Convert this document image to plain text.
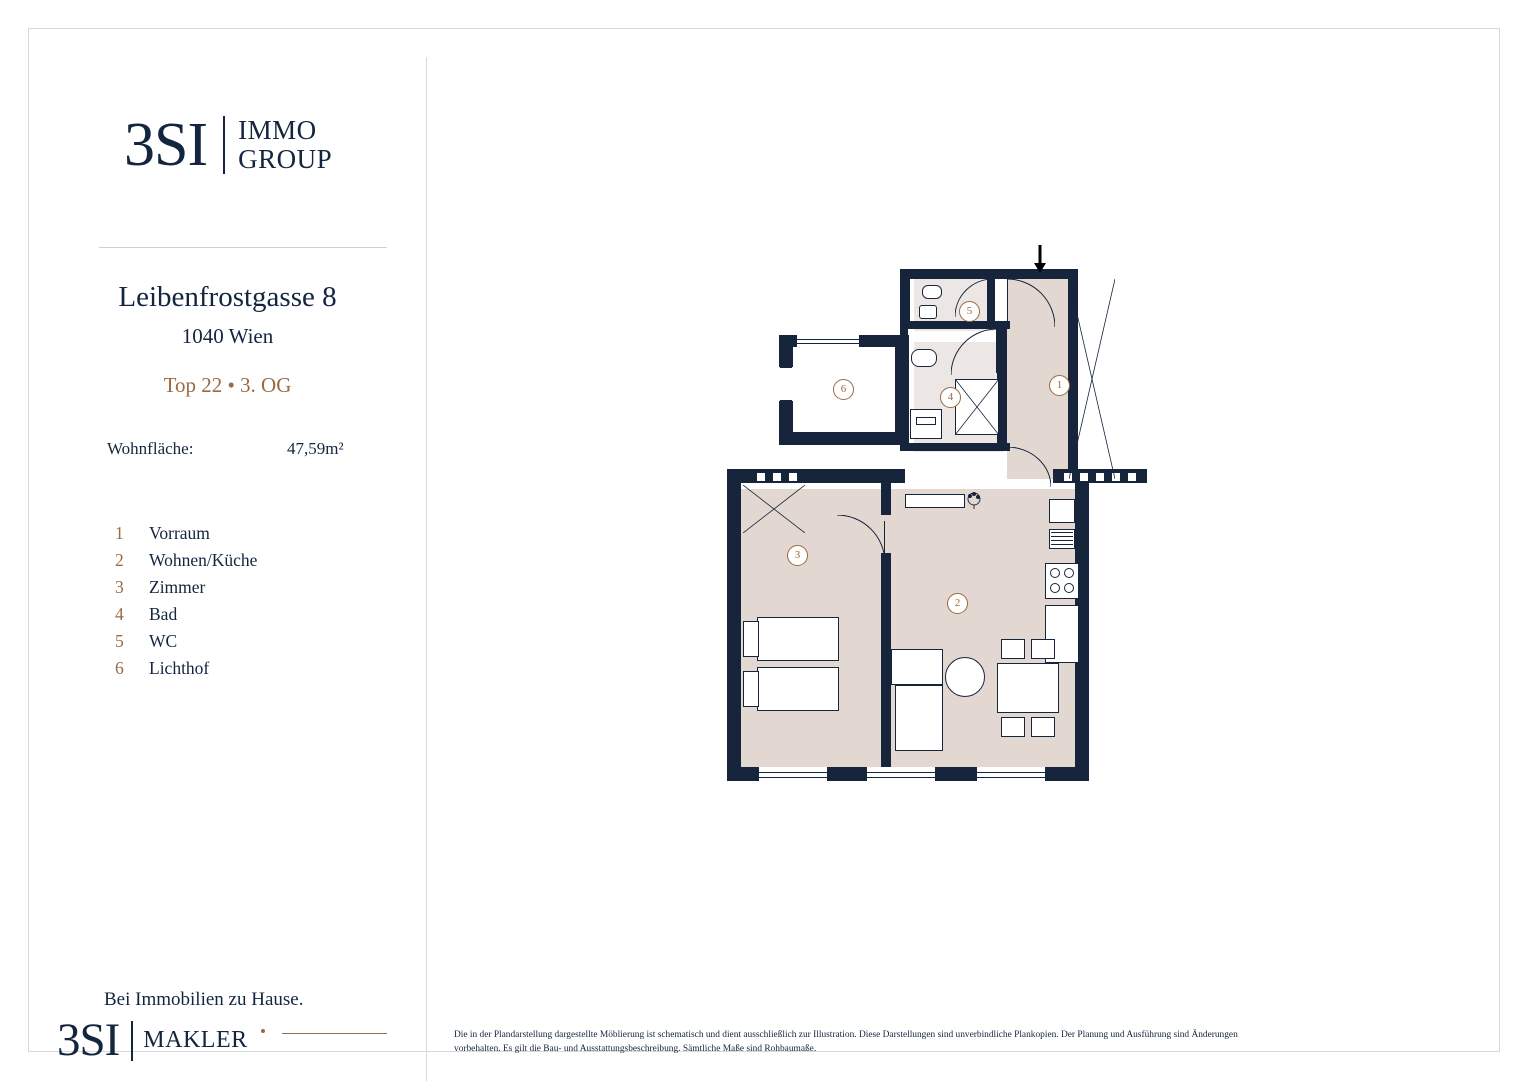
3SI IMMO
GROUP
Leibenfrostgasse 8
1040 Wien
Top 22 • 3. OG
Wohnfläche:	47,59m²
1 Vorraum
2 Wohnen/Küche
3 Zimmer
4 Bad
5 WC
6 Lichthof
Bei Immobilien zu Hause.
3SI MAKLER	Die in der Plandarstellung dargestellte Möblierung ist schematisch und dient ausschließlich zur Illustration. Diese Darstellungen sind unverbindliche Plankopien. Der Planung und Ausführung sind Änderungen vorbehalten. Es gilt die Bau- und Ausstattungsbeschreibung. Sämtliche Maße sind Rohbaumaße.
1
2
3
4
5
6
